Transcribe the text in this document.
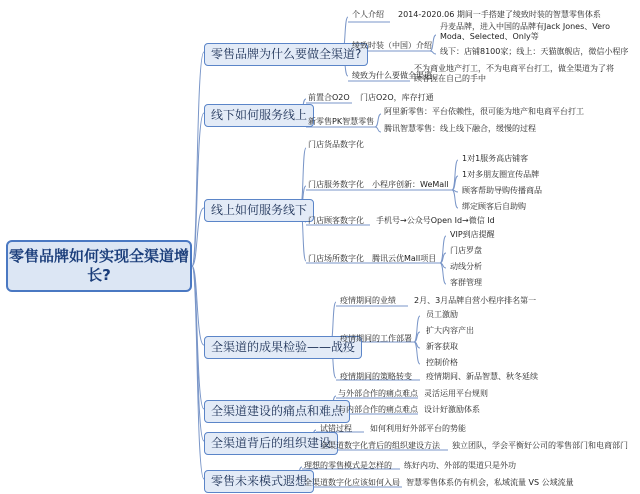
零售品牌如何实现全渠道增
长?
零售品牌为什么要做全渠道?
线下如何服务线上
线上如何服务线下
全渠道的成果检验——战疫
全渠道建设的痛点和难点
全渠道背后的组织建设
零售未来模式遐想
个人介绍 2014-2020.06 期间一手搭建了绫致时装的智慧零售体系
绫致时装（中国）介绍
丹麦品牌，进入中国的品牌有Jack Jones、Vero
Moda、Selected、Only等
线下：店铺8100家；线上：天猫旗舰店，微信小程序
绫致为什么要做全渠道
不为商业地产打工，不为电商平台打工，做全渠道为了将
顾客握在自己的手中
前置合O2O 门店O2O，库存打通
新零售PK智慧零售
阿里新零售：平台依赖性，很可能为地产和电商平台打工
腾讯智慧零售：线上线下融合，缓慢的过程
门店货品数字化
门店服务数字化 小程序创新：WeMall
1对1服务高店铺客
1对多朋友圈宣传品牌
顾客帮助导购传播商品
绑定顾客后自助购
门店顾客数字化 手机号→公众号Open Id→微信 Id
门店场所数字化 腾讯云优Mall项目
VIP到店提醒
门店罗盘
动线分析
客群管理
疫情期间的业绩 2月、3月品牌自营小程序排名第一
疫情期间的工作部署
员工激励
扩大内容产出
新客获取
控制价格
疫情期间的策略转变 疫情期间、新品智慧、秋冬延续
与外部合作的痛点难点 灵活运用平台规则
与内部合作的痛点难点 设计好激励体系
试错过程 如何利用好外部平台的势能
全渠道数字化背后的组织建设方法 独立团队，学会平衡好公司的零售部门和电商部门
理想的零售模式是怎样的 练好内功、外部的渠道只是外功
全渠道数字化应该如何入局 智慧零售体系仍有机会，私域流量 VS 公域流量
